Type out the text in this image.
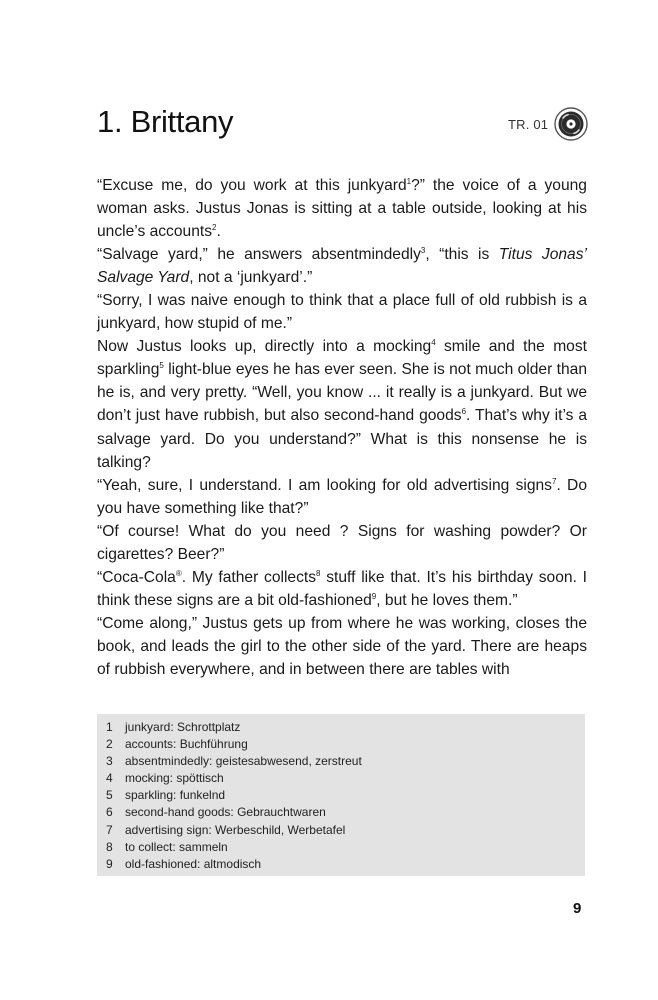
1. Brittany	TR. 01

“Excuse me, do you work at this junkyard$^1$?” the voice of a young woman asks. Justus Jonas is sitting at a table outside, looking at his uncle’s accounts$^2$.

“Salvage yard,” he answers absentmindedly$^3$, “this is Titus Jonas’ Salvage Yard, not a ‘junkyard’.”

“Sorry, I was naive enough to think that a place full of old rubbish is a junkyard, how stupid of me.”

Now Justus looks up, directly into a mocking$^4$ smile and the most sparkling$^5$ light-blue eyes he has ever seen. She is not much older than he is, and very pretty. “Well, you know ... it really is a junkyard. But we don’t just have rubbish, but also second-hand goods$^6$. That’s why it’s a salvage yard. Do you understand?” What is this nonsense he is talking?

“Yeah, sure, I understand. I am looking for old advertising signs$^7$. Do you have something like that?”

“Of course! What do you need ? Signs for washing powder? Or cigarettes? Beer?”

“Coca-Cola®. My father collects$^8$ stuff like that. It’s his birthday soon. I think these signs are a bit old-fashioned$^9$, but he loves them.”

“Come along,” Justus gets up from where he was working, closes the book, and leads the girl to the other side of the yard. There are heaps of rubbish everywhere, and in between there are tables with

1	junkyard: Schrottplatz
2	accounts: Buchführung
3	absentmindedly: geistesabwesend, zerstreut
4	mocking: spöttisch
5	sparkling: funkelnd
6	second-hand goods: Gebrauchtwaren
7	advertising sign: Werbeschild, Werbetafel
8	to collect: sammeln
9	old-fashioned: altmodisch
9
